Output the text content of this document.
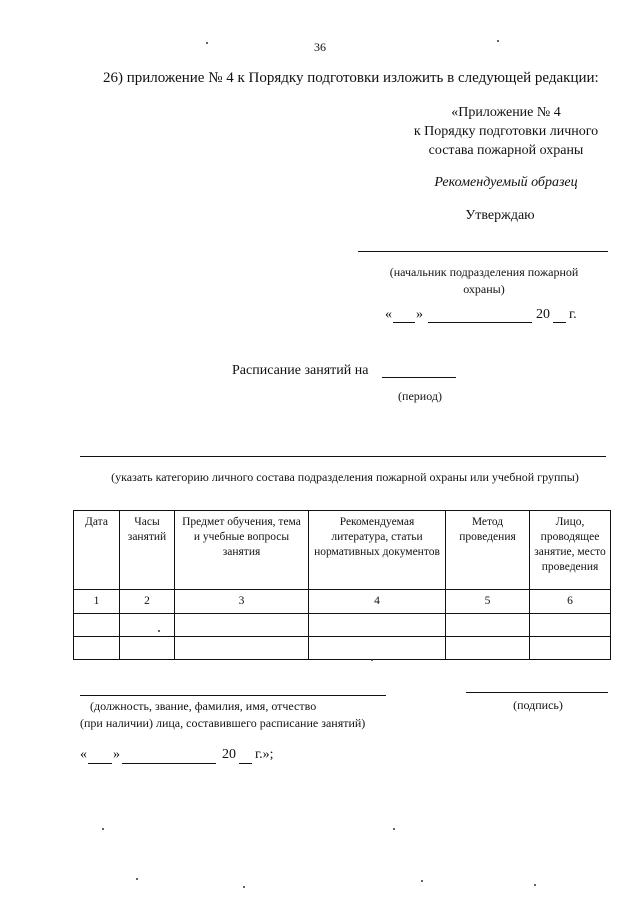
36
26) приложение № 4 к Порядку подготовки изложить в следующей редакции:
«Приложение № 4
к Порядку подготовки личного
состава пожарной охраны
Рекомендуемый образец
Утверждаю
(начальник подразделения пожарной
охраны)
« »	20 г.
Расписание занятий на
(период)
(указать категорию личного состава подразделения пожарной охраны или учебной группы)
Дата	Часы занятий	Предмет обучения, тема и учебные вопросы занятия	Рекомендуемая литература, статьи нормативных документов	Метод проведения	Лицо, проводящее занятие, место проведения
1	2	3	4	5	6

(должность, звание, фамилия, имя, отчество
(при наличии) лица, составившего расписание занятий)
(подпись)
« »	20 г.»;
